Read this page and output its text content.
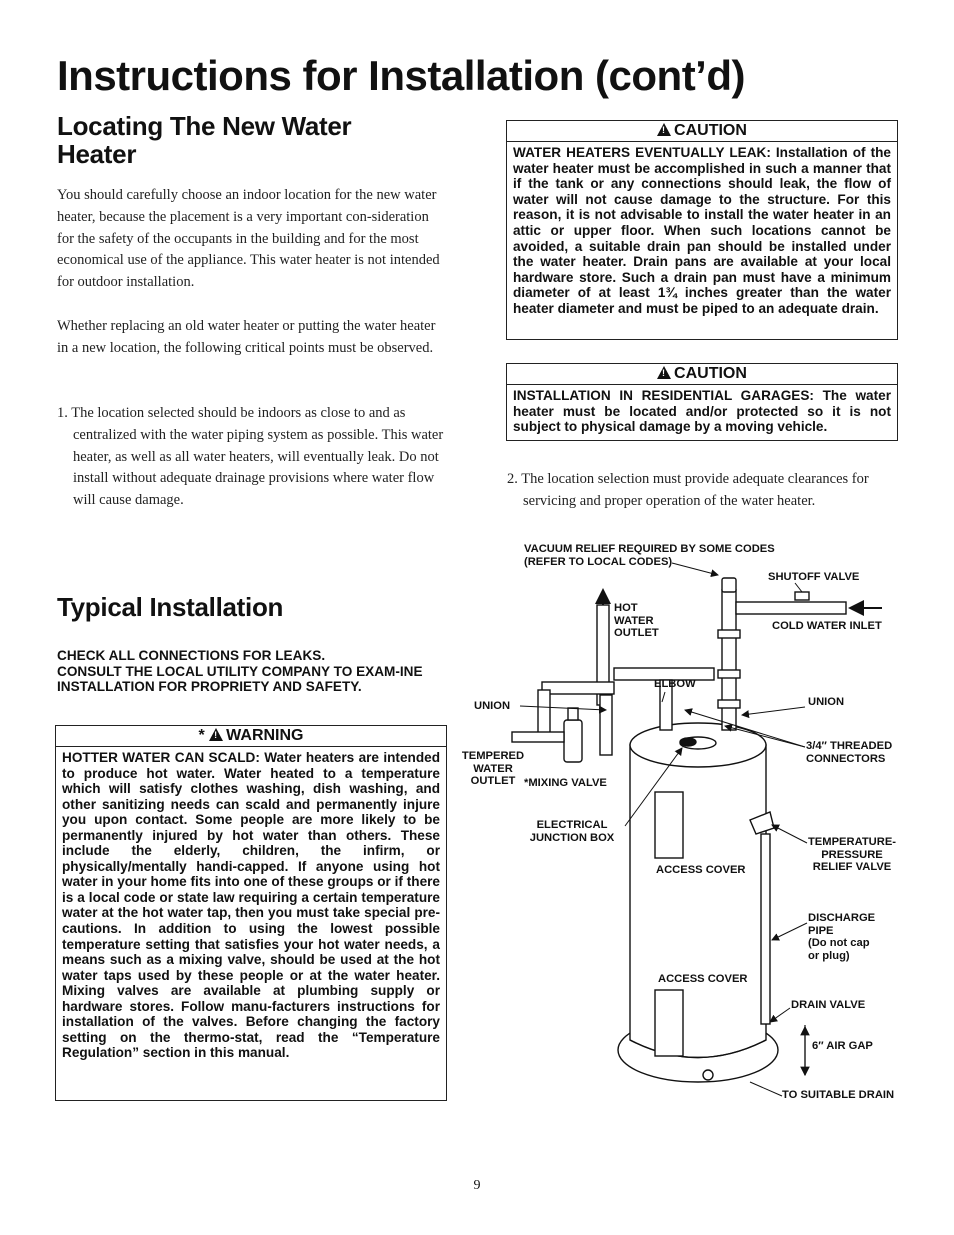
Instructions for Installation (cont’d)
Locating The New Water Heater

You should carefully choose an indoor location for the new water heater, because the placement is a very important con-sideration for the safety of the occupants in the building and for the most economical use of the appliance. This water heater is not intended for outdoor installation.

Whether replacing an old water heater or putting the water heater in a new location, the following critical points must be observed.

1. The location selected should be indoors as close to and as centralized with the water piping system as possible. This water heater, as well as all water heaters, will eventually leak. Do not install without adequate drainage provisions where water flow will cause damage.

!CAUTION
WATER HEATERS EVENTUALLY LEAK: Installation of the water heater must be accomplished in such a manner that if the tank or any connections should leak, the flow of water will not cause damage to the structure. For this reason, it is not advisable to install the water heater in an attic or upper floor. When such locations cannot be avoided, a suitable drain pan should be installed under the water heater. Drain pans are available at your local hardware store. Such a drain pan must have a minimum diameter of at least 1¾ inches greater than the water heater diameter and must be piped to an adequate drain.
!CAUTION
INSTALLATION IN RESIDENTIAL GARAGES: The water heater must be located and/or protected so it is not subject to physical damage by a moving vehicle.

2. The location selection must provide adequate clearances for servicing and proper operation of the water heater.

Typical Installation

CHECK ALL CONNECTIONS FOR LEAKS.
CONSULT THE LOCAL UTILITY COMPANY TO EXAM-INE INSTALLATION FOR PROPRIETY AND SAFETY.

* ! WARNING
HOTTER WATER CAN SCALD: Water heaters are intended to produce hot water. Water heated to a temperature which will satisfy clothes washing, dish washing, and other sanitizing needs can scald and permanently injure you upon contact. Some people are more likely to be permanently injured by hot water than others. These include the elderly, children, the infirm, or physically/mentally handi-capped. If anyone using hot water in your home fits into one of these groups or if there is a local code or state law requiring a certain temperature water at the hot water tap, then you must take special pre-cautions. In addition to using the lowest possible temperature setting that satisfies your hot water needs, a means such as a mixing valve, should be used at the hot water taps used by these people or at the water heater. Mixing valves are available at plumbing supply or hardware stores. Follow manu-facturers instructions for installation of the valves. Before changing the factory setting on the thermo-stat, read the “Temperature Regulation” section in this manual.
VACUUM RELIEF REQUIRED BY SOME CODES
(REFER TO LOCAL CODES)
SHUTOFF VALVE
HOT
WATER
OUTLET
COLD WATER INLET
ELBOW
UNION	UNION
TEMPERED
WATER
OUTLET *MIXING VALVE
3/4″ THREADED
CONNECTORS
ELECTRICAL
JUNCTION BOX	TEMPERATURE-
PRESSURE
RELIEF VALVE
ACCESS COVER
DISCHARGE
PIPE
(Do not cap
or plug)
ACCESS COVER
DRAIN VALVE
6″ AIR GAP
TO SUITABLE DRAIN
9
